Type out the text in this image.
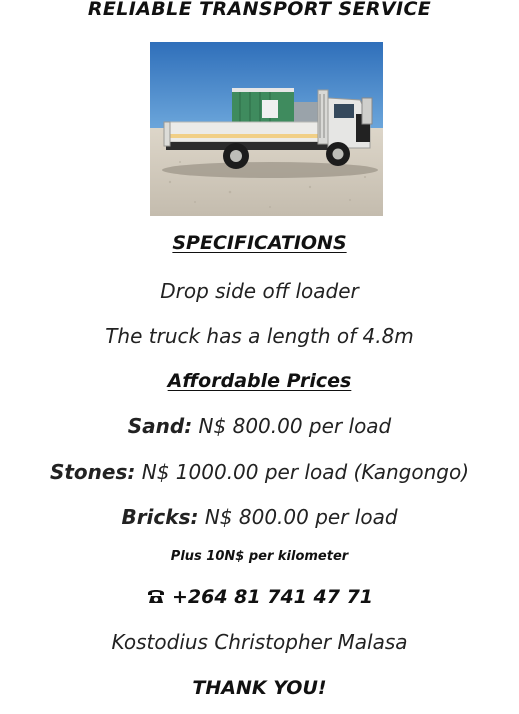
RELIABLE TRANSPORT SERVICE
SPECIFICATIONS
Drop side off loader
The truck has a length of 4.8m
Affordable Prices
Sand: N$ 800.00 per load
Stones: N$ 1000.00 per load (Kangongo)
Bricks: N$ 800.00 per load
Plus 10N$ per kilometer
+264 81 741 47 71
Kostodius Christopher Malasa
THANK YOU!
